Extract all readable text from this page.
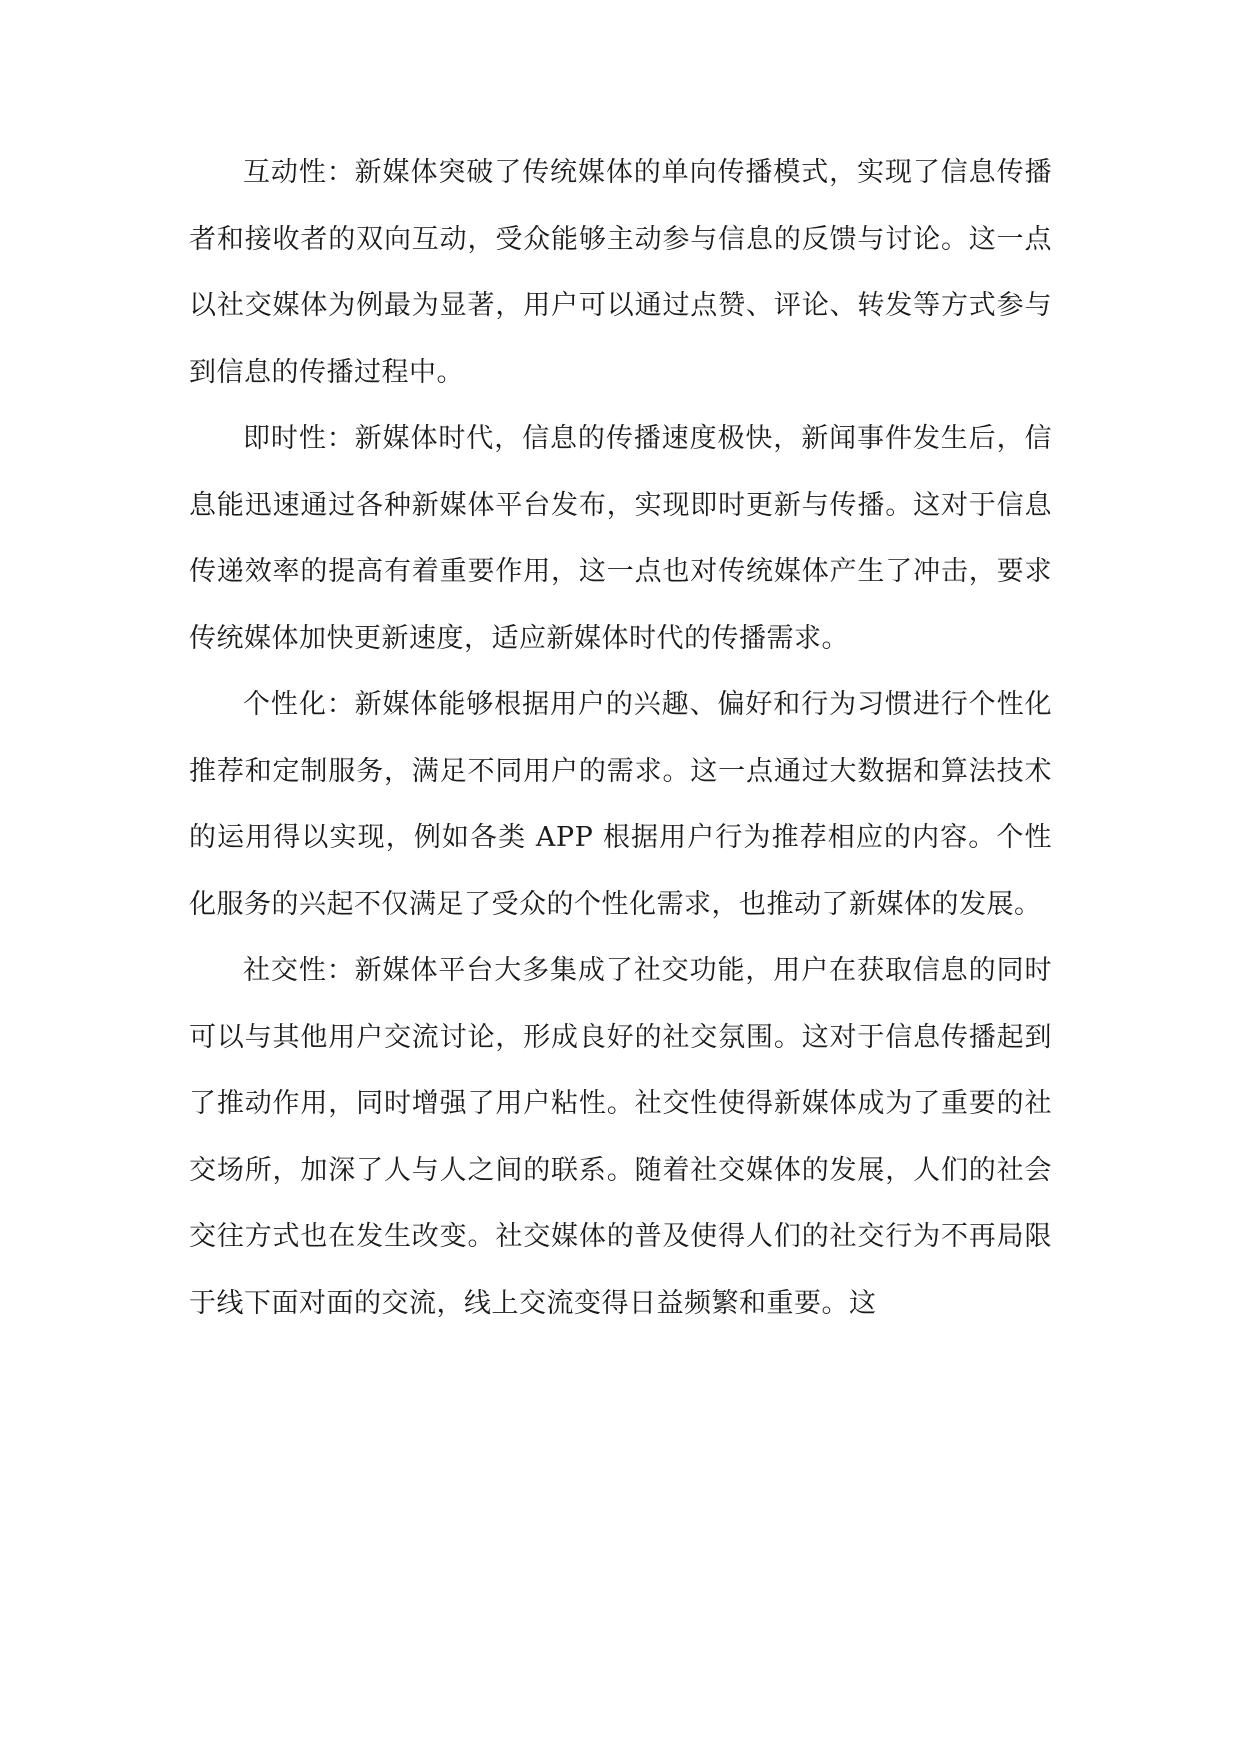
互动性：新媒体突破了传统媒体的单向传播模式，实现了信息传播者和接收者的双向互动，受众能够主动参与信息的反馈与讨论。这一点以社交媒体为例最为显著，用户可以通过点赞、评论、转发等方式参与到信息的传播过程中。

即时性：新媒体时代，信息的传播速度极快，新闻事件发生后，信息能迅速通过各种新媒体平台发布，实现即时更新与传播。这对于信息传递效率的提高有着重要作用，这一点也对传统媒体产生了冲击，要求传统媒体加快更新速度，适应新媒体时代的传播需求。

个性化：新媒体能够根据用户的兴趣、偏好和行为习惯进行个性化推荐和定制服务，满足不同用户的需求。这一点通过大数据和算法技术的运用得以实现，例如各类 APP 根据用户行为推荐相应的内容。个性化服务的兴起不仅满足了受众的个性化需求，也推动了新媒体的发展。

社交性：新媒体平台大多集成了社交功能，用户在获取信息的同时可以与其他用户交流讨论，形成良好的社交氛围。这对于信息传播起到了推动作用，同时增强了用户粘性。社交性使得新媒体成为了重要的社交场所，加深了人与人之间的联系。随着社交媒体的发展，人们的社会交往方式也在发生改变。社交媒体的普及使得人们的社交行为不再局限于线下面对面的交流，线上交流变得日益频繁和重要。这
